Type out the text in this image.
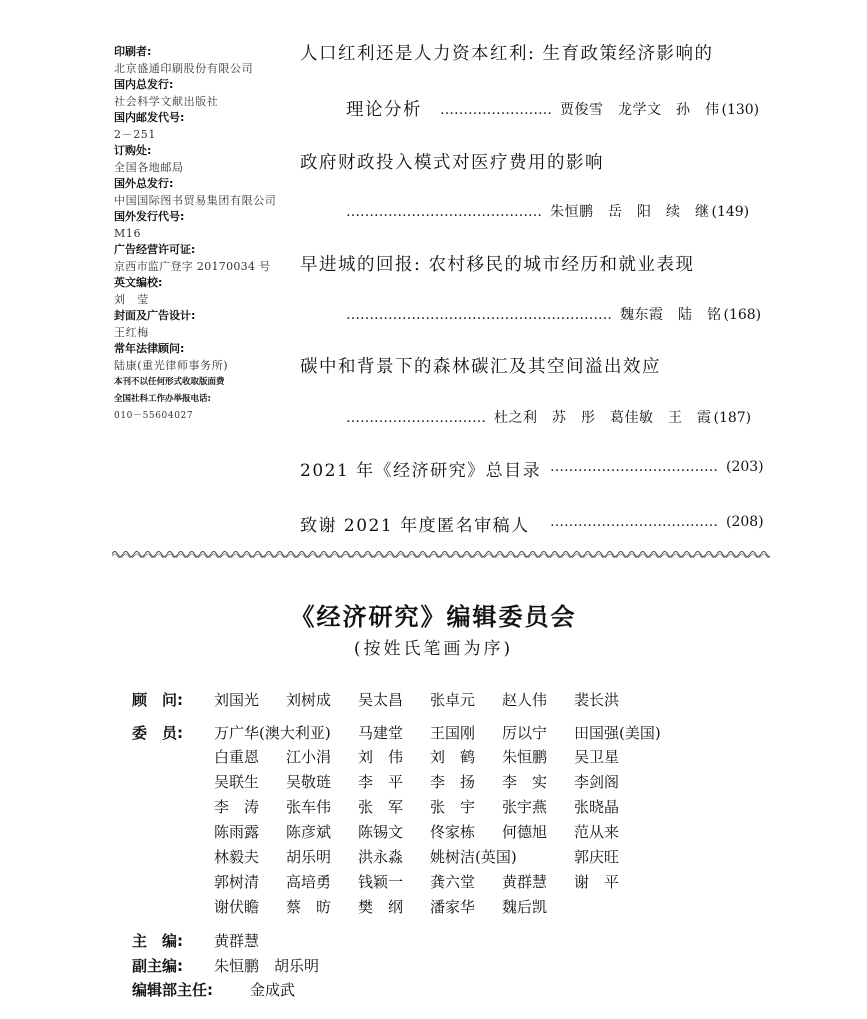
印刷者:
北京盛通印刷股份有限公司
国内总发行:
社会科学文献出版社
国内邮发代号:
2－251
订购处:
全国各地邮局
国外总发行:
中国国际图书贸易集团有限公司
国外发行代号:
M16
广告经营许可证:
京西市监广登字 20170034 号
英文编校:
刘　莹
封面及广告设计:
王红梅
常年法律顾问:
陆康(重光律师事务所)
本刊不以任何形式收取版面费
全国社科工作办举报电话:
010－55604027
人口红利还是人力资本红利: 生育政策经济影响的
理论分析 …………………… 贾俊雪　龙学文　孙　伟 (130)
政府财政投入模式对医疗费用的影响
…………………………………… 朱恒鹏　岳　阳　续　继 (149)
早进城的回报: 农村移民的城市经历和就业表现
………………………………………………… 魏东霞　陆　铭 (168)
碳中和背景下的森林碳汇及其空间溢出效应
………………………… 杜之利　苏　彤　葛佳敏　王　霞 (187)
2021 年《经济研究》总目录 ……………………………… (203)
致谢 2021 年度匿名审稿人 ……………………………… (208)
《经济研究》编辑委员会
(按姓氏笔画为序)
顾　问: 刘国光 刘树成 吴太昌 张卓元 赵人伟 裴长洪
委　员: 万广华(澳大利亚) 马建堂 王国刚 厉以宁 田国强(美国)
白重恩 江小涓 刘　伟 刘　鹤 朱恒鹏 吴卫星
吴联生 吴敬琏 李　平 李　扬 李　实 李剑阁
李　涛 张车伟 张　军 张　宇 张宇燕 张晓晶
陈雨露 陈彦斌 陈锡文 佟家栋 何德旭 范从来
林毅夫 胡乐明 洪永淼 姚树洁(英国)	郭庆旺
郭树清 高培勇 钱颖一 龚六堂 黄群慧 谢　平
谢伏瞻 蔡　昉 樊　纲 潘家华 魏后凯
主　编: 黄群慧
副主编: 朱恒鹏　胡乐明
编辑部主任: 金成武
